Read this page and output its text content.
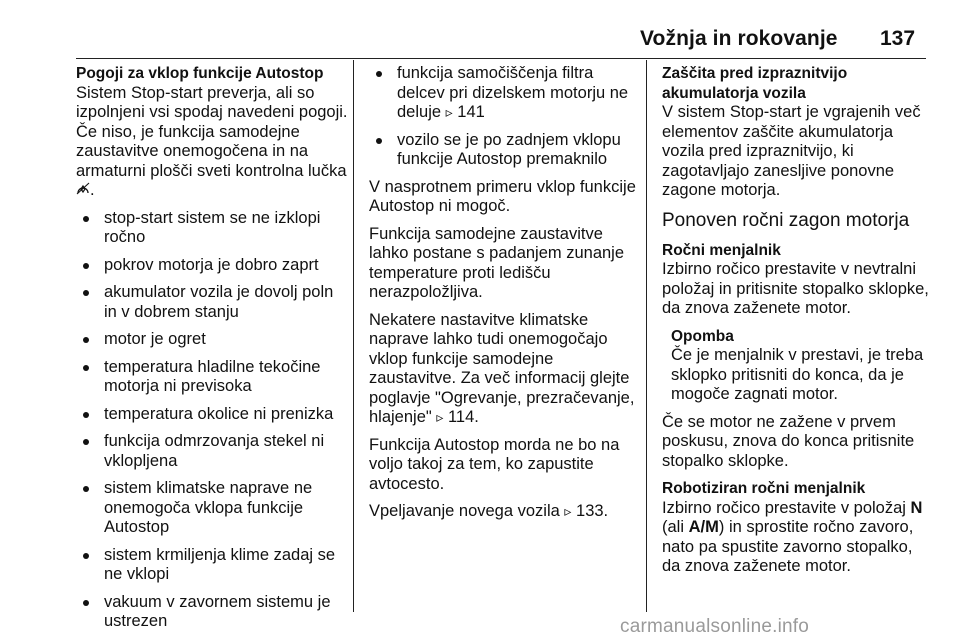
Vožnja in rokovanje 137
Pogoji za vklop funkcije Autostop
Sistem Stop-start preverja, ali so izpolnjeni vsi spodaj navedeni pogoji. Če niso, je funkcija samodejne zaustavitve onemogočena in na armaturni plošči sveti kontrolna lučka .
stop-start sistem se ne izklopi ročno
pokrov motorja je dobro zaprt
akumulator vozila je dovolj poln in v dobrem stanju
motor je ogret
temperatura hladilne tekočine motorja ni previsoka
temperatura okolice ni prenizka
funkcija odmrzovanja stekel ni vklopljena
sistem klimatske naprave ne onemogoča vklopa funkcije Autostop
sistem krmiljenja klime zadaj se ne vklopi
vakuum v zavornem sistemu je ustrezen
funkcija samočiščenja filtra delcev pri dizelskem motorju ne deluje ▹ 141
vozilo se je po zadnjem vklopu funkcije Autostop premaknilo
V nasprotnem primeru vklop funkcije Autostop ni mogoč.
Funkcija samodejne zaustavitve lahko postane s padanjem zunanje temperature proti ledišču nerazpoložljiva.
Nekatere nastavitve klimatske naprave lahko tudi onemogočajo vklop funkcije samodejne zaustavitve. Za več informacij glejte poglavje "Ogrevanje, prezračevanje, hlajenje" ▹ 114.
Funkcija Autostop morda ne bo na voljo takoj za tem, ko zapustite avtocesto.
Vpeljavanje novega vozila ▹ 133.
Zaščita pred izpraznitvijo akumulatorja vozila
V sistem Stop-start je vgrajenih več elementov zaščite akumulatorja vozila pred izpraznitvijo, ki zagotavljajo zanesljive ponovne zagone motorja.
Ponoven ročni zagon motorja
Ročni menjalnik
Izbirno ročico prestavite v nevtralni položaj in pritisnite stopalko sklopke, da znova zaženete motor.
Opomba
Če je menjalnik v prestavi, je treba sklopko pritisniti do konca, da je mogoče zagnati motor.
Če se motor ne zažene v prvem poskusu, znova do konca pritisnite stopalko sklopke.
Robotiziran ročni menjalnik
Izbirno ročico prestavite v položaj N (ali A/M) in sprostite ročno zavoro, nato pa spustite zavorno stopalko, da znova zaženete motor.
carmanualsonline.info
